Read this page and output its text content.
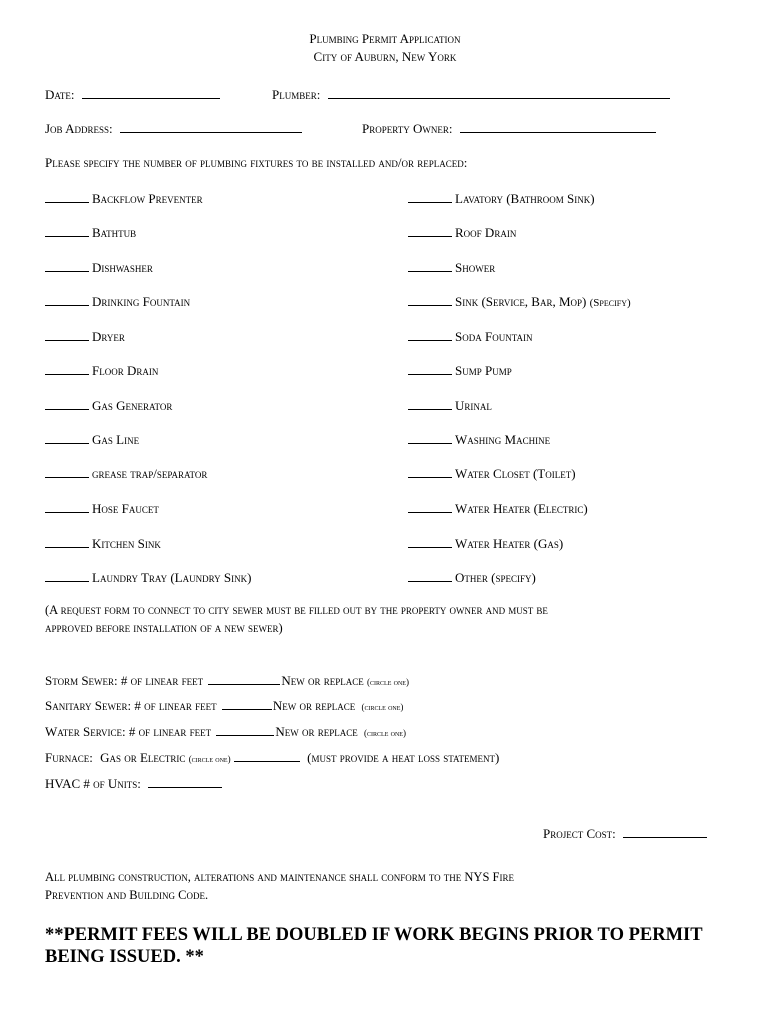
Plumbing Permit Application
City of Auburn, New York
Date:	Plumber:
Job Address:	Property Owner:
Please specify the number of plumbing fixtures to be installed and/or replaced:
Backflow Preventer
Bathtub
Dishwasher
Drinking Fountain
Dryer
Floor Drain
Gas Generator
Gas Line
grease trap/separator
Hose Faucet
Kitchen Sink
Laundry Tray (Laundry Sink)
Lavatory (Bathroom Sink)
Roof Drain
Shower
Sink (Service, Bar, Mop) (Specify)
Soda Fountain
Sump Pump
Urinal
Washing Machine
Water Closet (Toilet)
Water Heater (Electric)
Water Heater (Gas)
Other (specify)
(A request form to connect to city sewer must be filled out by the property owner and must be
approved before installation of a new sewer)
Storm Sewer: # of linear feet	New or replace (circle one)
Sanitary Sewer: # of linear feet	New or replace (circle one)
Water Service: # of linear feet	New or replace (circle one)
Furnace: Gas or Electric (circle one)	(must provide a heat loss statement)
HVAC # of Units:
Project Cost:
All plumbing construction, alterations and maintenance shall conform to the NYS Fire
Prevention and Building Code.
**PERMIT FEES WILL BE DOUBLED IF WORK BEGINS PRIOR TO PERMIT
BEING ISSUED. **
